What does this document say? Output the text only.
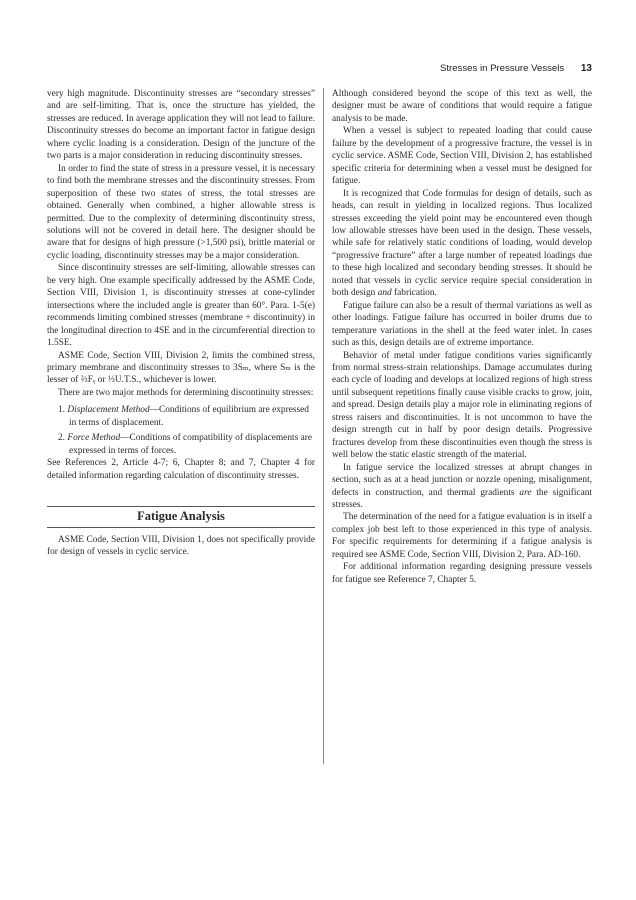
Stresses in Pressure Vessels 13

very high magnitude. Discontinuity stresses are “secondary stresses” and are self-limiting. That is, once the structure has yielded, the stresses are reduced. In average application they will not lead to failure. Discontinuity stresses do become an important factor in fatigue design where cyclic loading is a consideration. Design of the juncture of the two parts is a major consideration in reducing discontinuity stresses.

In order to find the state of stress in a pressure vessel, it is necessary to find both the membrane stresses and the discontinuity stresses. From superposition of these two states of stress, the total stresses are obtained. Generally when combined, a higher allowable stress is permitted. Due to the complexity of determining discontinuity stress, solutions will not be covered in detail here. The designer should be aware that for designs of high pressure (>1,500 psi), brittle material or cyclic loading, discontinuity stresses may be a major consideration.

Since discontinuity stresses are self-limiting, allowable stresses can be very high. One example specifically addressed by the ASME Code, Section VIII, Division 1, is discontinuity stresses at cone-cylinder intersections where the included angle is greater than 60°. Para. 1-5(e) recommends limiting combined stresses (membrane + discontinuity) in the longitudinal direction to 4SE and in the circumferential direction to 1.5SE.

ASME Code, Section VIII, Division 2, limits the combined stress, primary membrane and discontinuity stresses to 3Sₘ, where Sₘ is the lesser of ⅔Fᵧ or ⅓U.T.S., whichever is lower.

There are two major methods for determining discontinuity stresses:

1. Displacement Method—Conditions of equilibrium are expressed in terms of displacement.
2. Force Method—Conditions of compatibility of displacements are expressed in terms of forces.

See References 2, Article 4-7; 6, Chapter 8; and 7, Chapter 4 for detailed information regarding calculation of discontinuity stresses.

Fatigue Analysis

ASME Code, Section VIII, Division 1, does not specifically provide for design of vessels in cyclic service.

Although considered beyond the scope of this text as well, the designer must be aware of conditions that would require a fatigue analysis to be made.

When a vessel is subject to repeated loading that could cause failure by the development of a progressive fracture, the vessel is in cyclic service. ASME Code, Section VIII, Division 2, has established specific criteria for determining when a vessel must be designed for fatigue.

It is recognized that Code formulas for design of details, such as heads, can result in yielding in localized regions. Thus localized stresses exceeding the yield point may be encountered even though low allowable stresses have been used in the design. These vessels, while safe for relatively static conditions of loading, would develop “progressive fracture” after a large number of repeated loadings due to these high localized and secondary bending stresses. It should be noted that vessels in cyclic service require special consideration in both design and fabrication.

Fatigue failure can also be a result of thermal variations as well as other loadings. Fatigue failure has occurred in boiler drums due to temperature variations in the shell at the feed water inlet. In cases such as this, design details are of extreme importance.

Behavior of metal under fatigue conditions varies significantly from normal stress-strain relationships. Damage accumulates during each cycle of loading and develops at localized regions of high stress until subsequent repetitions finally cause visible cracks to grow, join, and spread. Design details play a major role in eliminating regions of stress raisers and discontinuities. It is not uncommon to have the design strength cut in half by poor design details. Progressive fractures develop from these discontinuities even though the stress is well below the static elastic strength of the material.

In fatigue service the localized stresses at abrupt changes in section, such as at a head junction or nozzle opening, misalignment, defects in construction, and thermal gradients are the significant stresses.

The determination of the need for a fatigue evaluation is in itself a complex job best left to those experienced in this type of analysis. For specific requirements for determining if a fatigue analysis is required see ASME Code, Section VIII, Division 2, Para. AD-160.

For additional information regarding designing pressure vessels for fatigue see Reference 7, Chapter 5.
